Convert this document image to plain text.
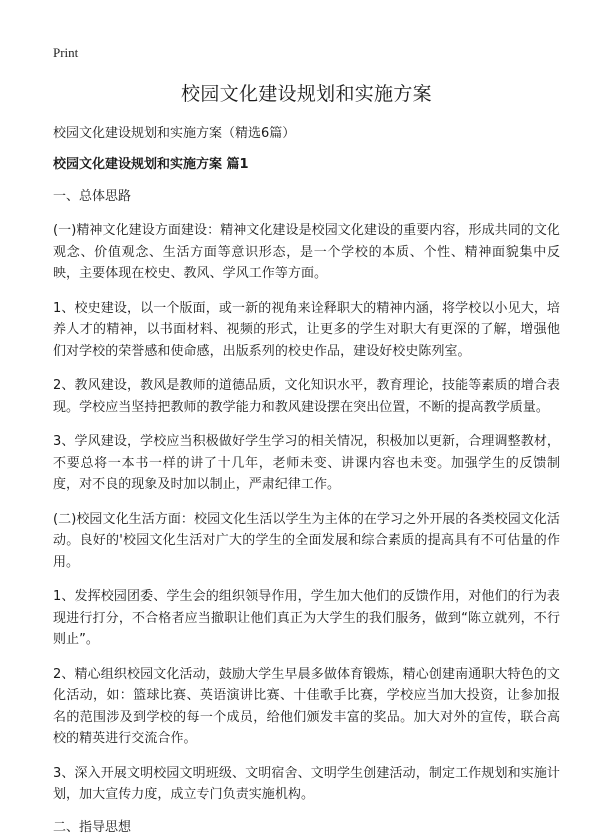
Print
校园文化建设规划和实施方案
校园文化建设规划和实施方案（精选6篇）
校园文化建设规划和实施方案 篇1
一、总体思路

(一)精神文化建设方面建设：精神文化建设是校园文化建设的重要内容，形成共同的文化观念、价值观念、生活方面等意识形态，是一个学校的本质、个性、精神面貌集中反映，主要体现在校史、教风、学风工作等方面。

1、校史建设，以一个版面，或一新的视角来诠释职大的精神内涵，将学校以小见大，培养人才的精神，以书面材料、视频的形式，让更多的学生对职大有更深的了解，增强他们对学校的荣誉感和使命感，出版系列的校史作品，建设好校史陈列室。

2、教风建设，教风是教师的道德品质，文化知识水平，教育理论，技能等素质的增合表现。学校应当坚持把教师的教学能力和教风建设摆在突出位置，不断的提高教学质量。

3、学风建设，学校应当积极做好学生学习的相关情况，积极加以更新，合理调整教材，不要总将一本书一样的讲了十几年，老师未变、讲课内容也未变。加强学生的反馈制度，对不良的现象及时加以制止，严肃纪律工作。

(二)校园文化生活方面：校园文化生活以学生为主体的在学习之外开展的各类校园文化活动。良好的'校园文化生活对广大的学生的全面发展和综合素质的提高具有不可估量的作用。

1、发挥校园团委、学生会的组织领导作用，学生加大他们的反馈作用，对他们的行为表现进行打分，不合格者应当撤职让他们真正为大学生的我们服务，做到“陈立就列，不行则止”。

2、精心组织校园文化活动，鼓励大学生早晨多做体育锻炼，精心创建南通职大特色的文化活动，如：篮球比赛、英语演讲比赛、十佳歌手比赛，学校应当加大投资，让参加报名的范围涉及到学校的每一个成员，给他们颁发丰富的奖品。加大对外的宣传，联合高校的精英进行交流合作。

3、深入开展文明校园文明班级、文明宿舍、文明学生创建活动，制定工作规划和实施计划，加大宣传力度，成立专门负责实施机构。

二、指导思想
